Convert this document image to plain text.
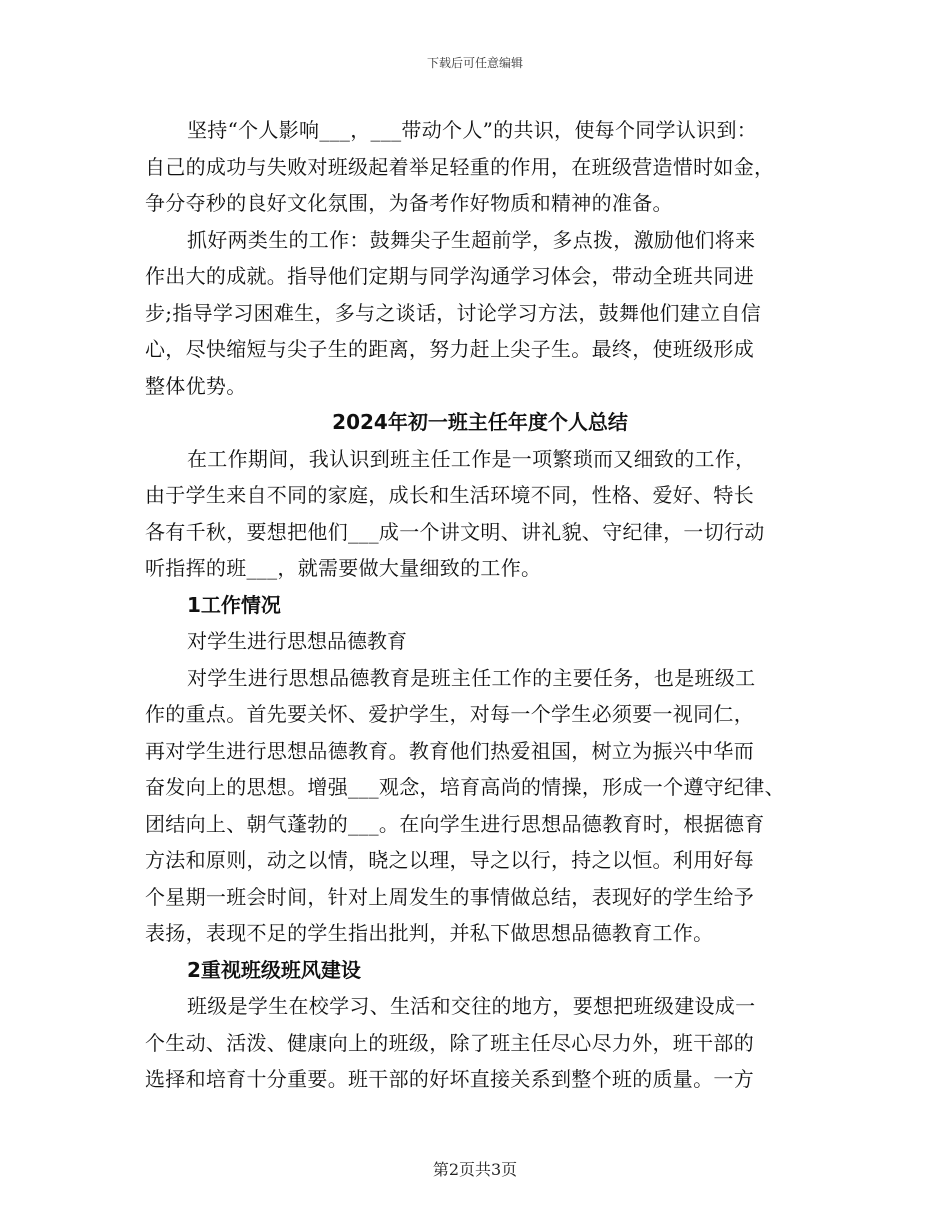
下载后可任意编辑

坚持“个人影响___，___带动个人”的共识，使每个同学认识到：
自己的成功与失败对班级起着举足轻重的作用，在班级营造惜时如金，
争分夺秒的良好文化氛围，为备考作好物质和精神的准备。

抓好两类生的工作：鼓舞尖子生超前学，多点拨，激励他们将来
作出大的成就。指导他们定期与同学沟通学习体会，带动全班共同进
步;指导学习困难生，多与之谈话，讨论学习方法，鼓舞他们建立自信
心，尽快缩短与尖子生的距离，努力赶上尖子生。最终，使班级形成
整体优势。

2024年初一班主任年度个人总结

在工作期间，我认识到班主任工作是一项繁琐而又细致的工作，
由于学生来自不同的家庭，成长和生活环境不同，性格、爱好、特长
各有千秋，要想把他们___成一个讲文明、讲礼貌、守纪律，一切行动
听指挥的班___，就需要做大量细致的工作。

1工作情况

对学生进行思想品德教育

对学生进行思想品德教育是班主任工作的主要任务，也是班级工
作的重点。首先要关怀、爱护学生，对每一个学生必须要一视同仁，
再对学生进行思想品德教育。教育他们热爱祖国，树立为振兴中华而
奋发向上的思想。增强___观念，培育高尚的情操，形成一个遵守纪律、
团结向上、朝气蓬勃的___。在向学生进行思想品德教育时，根据德育
方法和原则，动之以情，晓之以理，导之以行，持之以恒。利用好每
个星期一班会时间，针对上周发生的事情做总结，表现好的学生给予
表扬，表现不足的学生指出批判，并私下做思想品德教育工作。

2重视班级班风建设

班级是学生在校学习、生活和交往的地方，要想把班级建设成一
个生动、活泼、健康向上的班级，除了班主任尽心尽力外，班干部的
选择和培育十分重要。班干部的好坏直接关系到整个班的质量。一方

第2页共3页
